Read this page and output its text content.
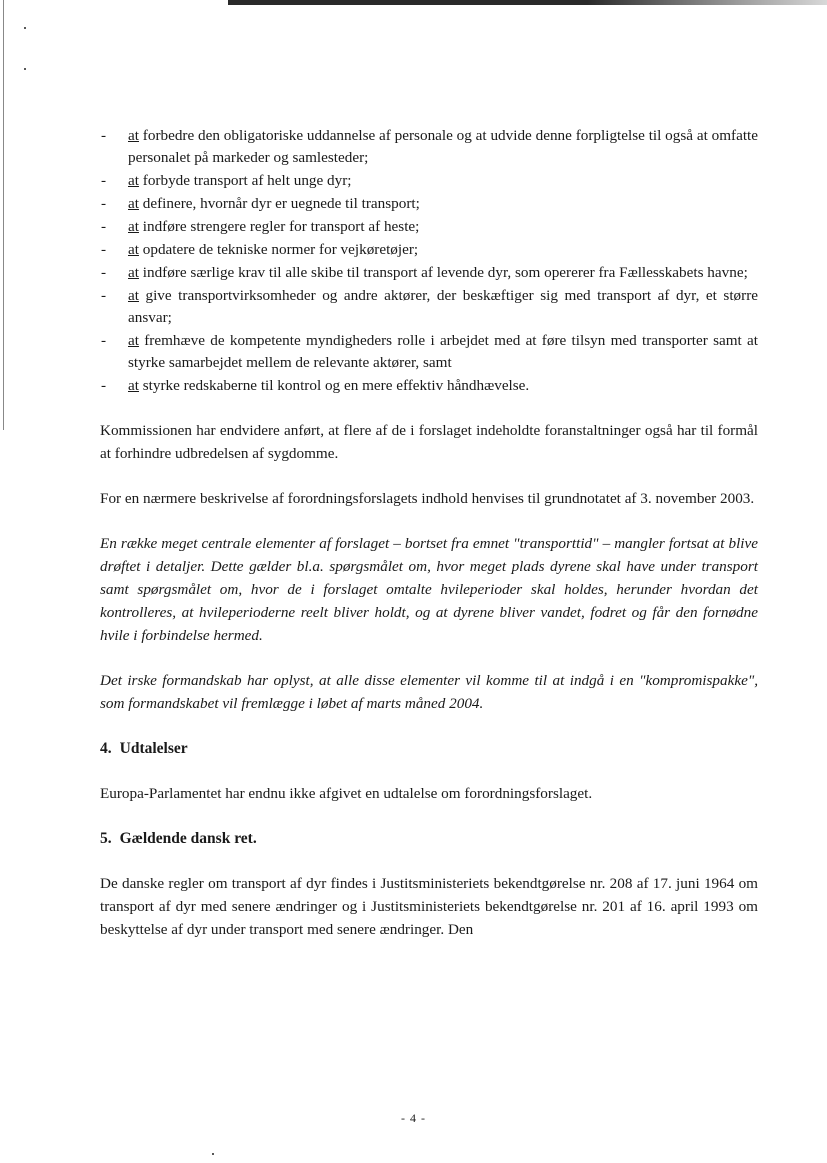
- at forbedre den obligatoriske uddannelse af personale og at udvide denne forpligtelse til også at omfatte personalet på markeder og samlesteder;
- at forbyde transport af helt unge dyr;
- at definere, hvornår dyr er uegnede til transport;
- at indføre strengere regler for transport af heste;
- at opdatere de tekniske normer for vejkøretøjer;
- at indføre særlige krav til alle skibe til transport af levende dyr, som opererer fra Fællesskabets havne;
- at give transportvirksomheder og andre aktører, der beskæftiger sig med transport af dyr, et større ansvar;
- at fremhæve de kompetente myndigheders rolle i arbejdet med at føre tilsyn med transporter samt at styrke samarbejdet mellem de relevante aktører, samt
- at styrke redskaberne til kontrol og en mere effektiv håndhævelse.

Kommissionen har endvidere anført, at flere af de i forslaget indeholdte foranstaltninger også har til formål at forhindre udbredelsen af sygdomme.

For en nærmere beskrivelse af forordningsforslagets indhold henvises til grundnotatet af 3. november 2003.

En række meget centrale elementer af forslaget – bortset fra emnet "transporttid" – mangler fortsat at blive drøftet i detaljer. Dette gælder bl.a. spørgsmålet om, hvor meget plads dyrene skal have under transport samt spørgsmålet om, hvor de i forslaget omtalte hvileperioder skal holdes, herunder hvordan det kontrolleres, at hvileperioderne reelt bliver holdt, og at dyrene bliver vandet, fodret og får den fornødne hvile i forbindelse hermed.

Det irske formandskab har oplyst, at alle disse elementer vil komme til at indgå i en "kompromispakke", som formandskabet vil fremlægge i løbet af marts måned 2004.

4. Udtalelser

Europa-Parlamentet har endnu ikke afgivet en udtalelse om forordningsforslaget.

5. Gældende dansk ret.

De danske regler om transport af dyr findes i Justitsministeriets bekendtgørelse nr. 208 af 17. juni 1964 om transport af dyr med senere ændringer og i Justitsministeriets bekendtgørelse nr. 201 af 16. april 1993 om beskyttelse af dyr under transport med senere ændringer. Den

- 4 -
